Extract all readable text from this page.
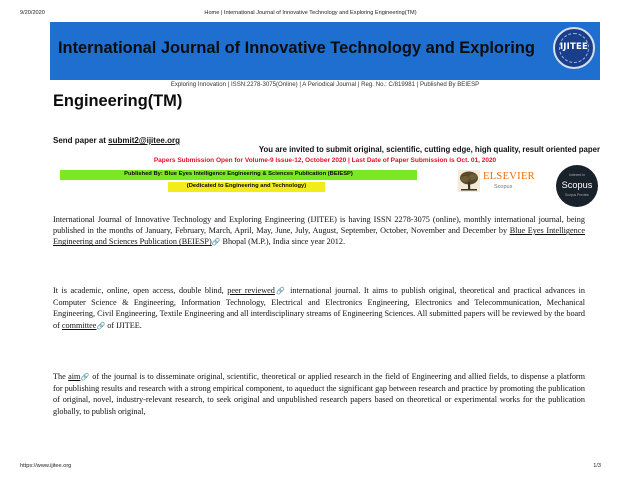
9/20/2020	Home | International Journal of Innovative Technology and Exploring Engineering(TM)
International Journal of Innovative Technology and Exploring	IJITEE
Exploring Innovation | ISSN:2278-3075(Online) | A Periodical Journal | Reg. No.: C/819981 | Published By BEIESP
Engineering(TM)
Send paper at submit2@ijitee.org
You are invited to submit original, scientific, cutting edge, high quality, result oriented paper
Papers Submission Open for Volume-9 Issue-12, October 2020 | Last Date of Paper Submission is Oct. 01, 2020
Published By: Blue Eyes Intelligence Engineering & Sciences Publication (BEIESP)
(Dedicated to Engineering and Technology)
ELSEVIER
Scopus
Indexed in
Scopus
Scopus Preview
International Journal of Innovative Technology and Exploring Engineering (IJITEE) is having ISSN 2278-3075 (online), monthly international journal, being published in the months of January, February, March, April, May, June, July, August, September, October, November and December by Blue Eyes Intelligence Engineering and Sciences Publication (BEIESP)🔗 Bhopal (M.P.), India since year 2012.
It is academic, online, open access, double blind, peer reviewed🔗 international journal. It aims to publish original, theoretical and practical advances in Computer Science & Engineering, Information Technology, Electrical and Electronics Engineering, Electronics and Telecommunication, Mechanical Engineering, Civil Engineering, Textile Engineering and all interdisciplinary streams of Engineering Sciences. All submitted papers will be reviewed by the board of committee🔗 of IJITEE.
The aim🔗 of the journal is to disseminate original, scientific, theoretical or applied research in the field of Engineering and allied fields, to dispense a platform for publishing results and research with a strong empirical component, to aqueduct the significant gap between research and practice by promoting the publication of original, novel, industry-relevant research, to seek original and unpublished research papers based on theoretical or experimental works for the publication globally, to publish original,
https://www.ijitee.org	1/3
